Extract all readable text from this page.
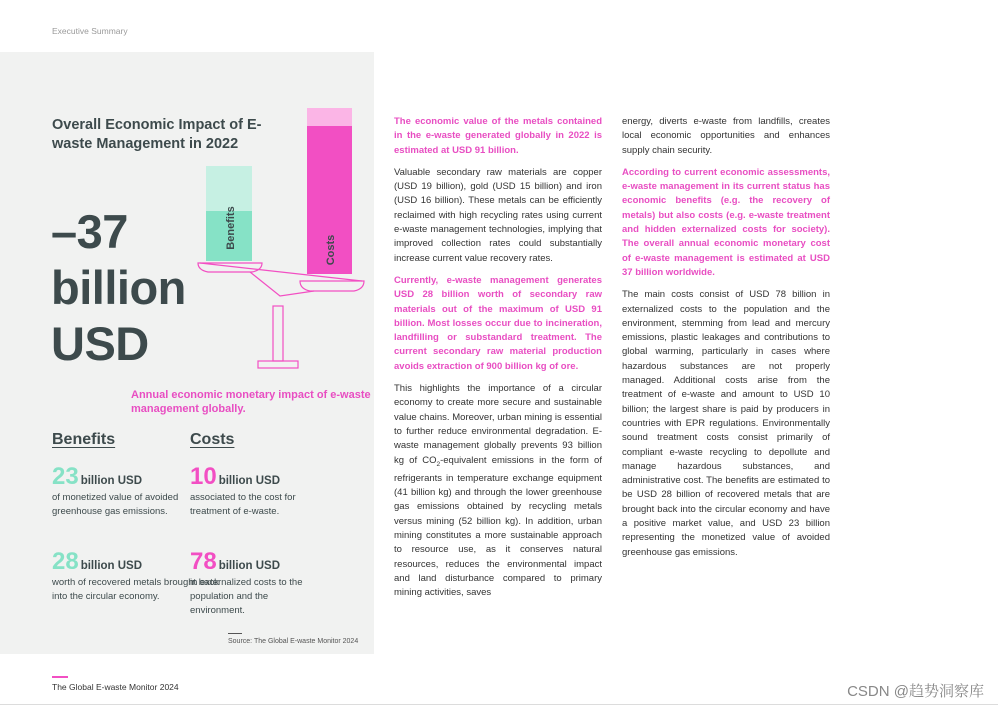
Executive Summary
Overall Economic Impact of E-waste Management in 2022
–37
billion
USD
Benefits
Costs
Annual economic monetary impact of e-waste management globally.
Benefits	Costs
23 billion USD
of monetized value of avoided greenhouse gas emissions.
28 billion USD
worth of recovered metals brought back into the circular economy.
10 billion USD
associated to the cost for treatment of e-waste.
78 billion USD
in externalized costs to the population and the environment.
Source: The Global E-waste Monitor 2024

The economic value of the metals contained in the e-waste generated globally in 2022 is estimated at USD 91 billion.

Valuable secondary raw materials are copper (USD 19 billion), gold (USD 15 billion) and iron (USD 16 billion). These metals can be efficiently reclaimed with high recycling rates using current e-waste management technologies, implying that improved collection rates could substantially increase current value recovery rates.

Currently, e-waste management generates USD 28 billion worth of secondary raw materials out of the maximum of USD 91 billion. Most losses occur due to incineration, landfilling or substandard treatment. The current secondary raw material production avoids extraction of 900 billion kg of ore.

This highlights the importance of a circular economy to create more secure and sustainable value chains. Moreover, urban mining is essential to further reduce environmental degradation. E-waste management globally prevents 93 billion kg of $CO_2$-equivalent emissions in the form of refrigerants in temperature exchange equipment (41 billion kg) and through the lower greenhouse gas emissions obtained by recycling metals versus mining (52 billion kg). In addition, urban mining constitutes a more sustainable approach to resource use, as it conserves natural resources, reduces the environmental impact and land disturbance compared to primary mining activities, saves

energy, diverts e-waste from landfills, creates local economic opportunities and enhances supply chain security.

According to current economic assessments, e-waste management in its current status has economic benefits (e.g. the recovery of metals) but also costs (e.g. e-waste treatment and hidden externalized costs for society). The overall annual economic monetary cost of e-waste management is estimated at USD 37 billion worldwide.

The main costs consist of USD 78 billion in externalized costs to the population and the environment, stemming from lead and mercury emissions, plastic leakages and contributions to global warming, particularly in cases where hazardous substances are not properly managed. Additional costs arise from the treatment of e-waste and amount to USD 10 billion; the largest share is paid by producers in countries with EPR regulations. Environmentally sound treatment costs consist primarily of compliant e-waste recycling to depollute and manage hazardous substances, and administrative cost. The benefits are estimated to be USD 28 billion of recovered metals that are brought back into the circular economy and have a positive market value, and USD 23 billion representing the monetized value of avoided greenhouse gas emissions.

The Global E-waste Monitor 2024	CSDN @趋势洞察库
